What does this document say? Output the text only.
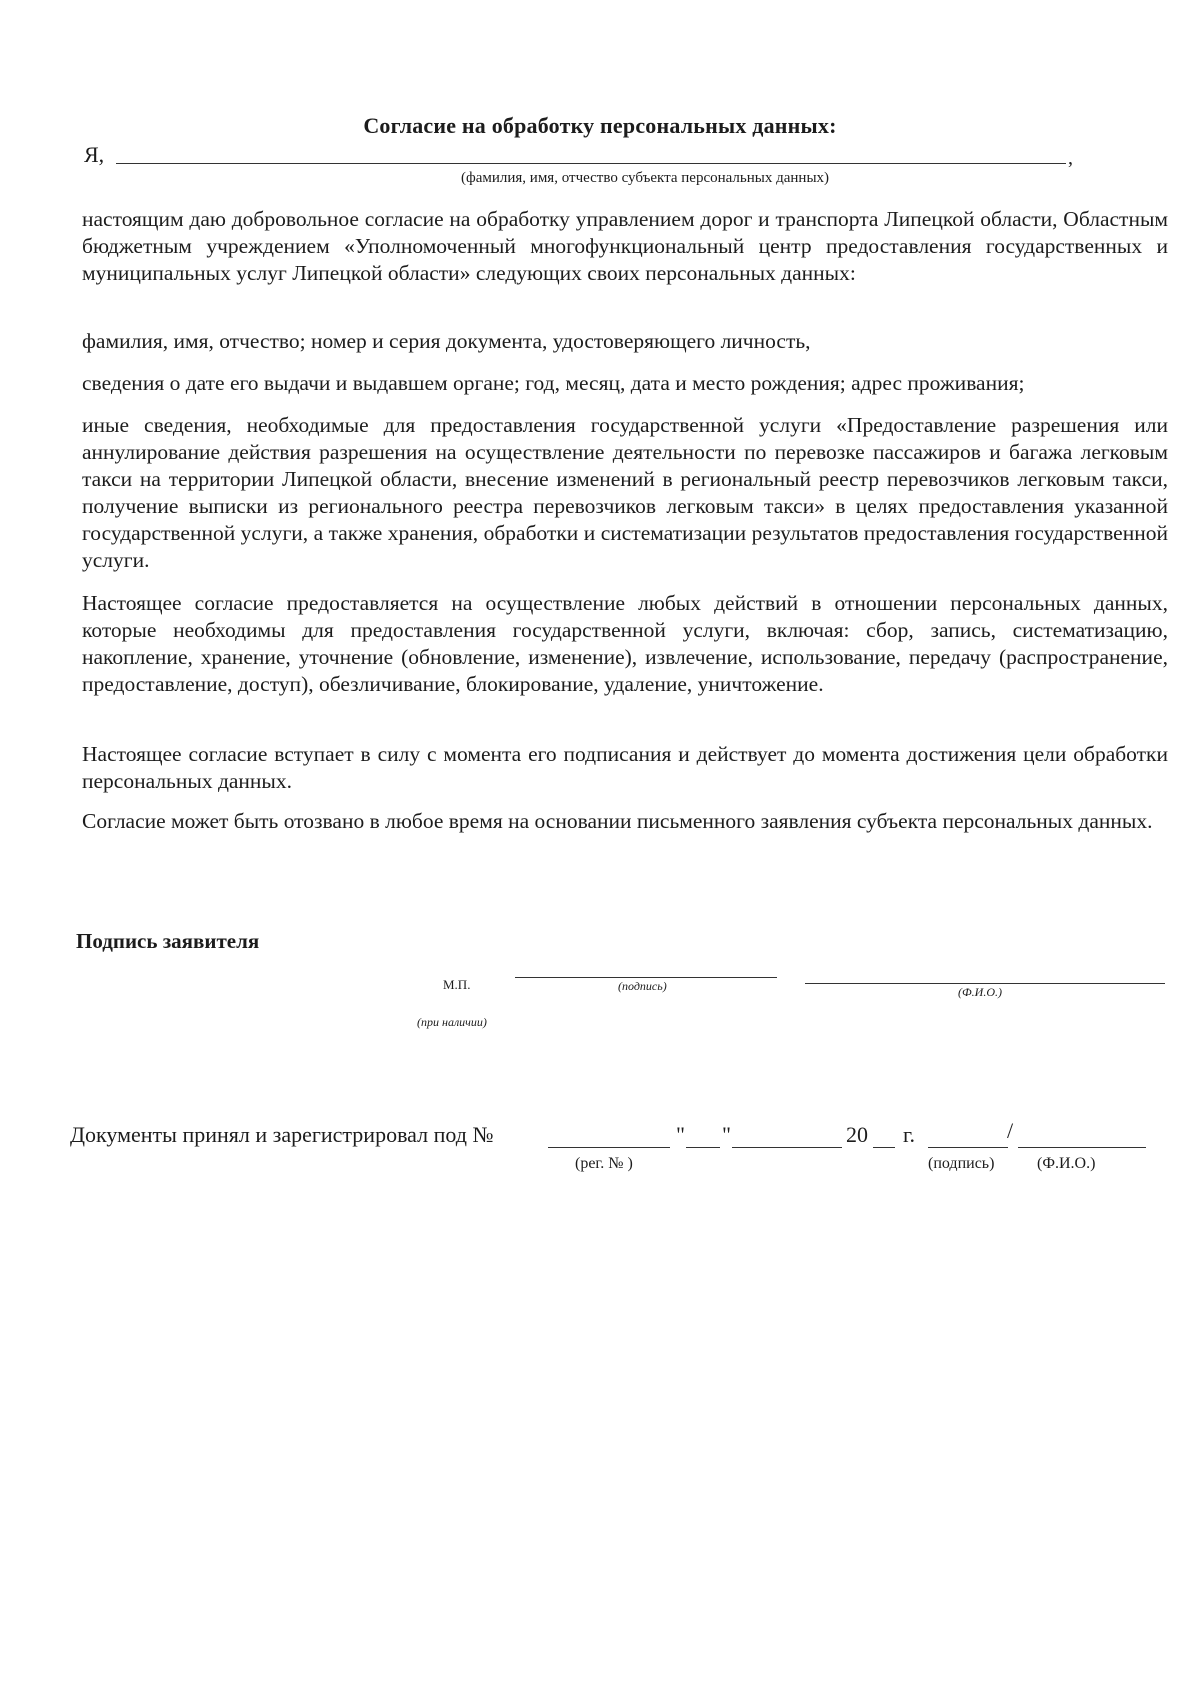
Согласие на обработку персональных данных:
Я,	,
(фамилия, имя, отчество субъекта персональных данных)
настоящим даю добровольное согласие на обработку управлением дорог и транспорта Липецкой области, Областным бюджетным учреждением «Уполномоченный многофункциональный центр предоставления государственных и муниципальных услуг Липецкой области» следующих своих персональных данных:
фамилия, имя, отчество; номер и серия документа, удостоверяющего личность,
сведения о дате его выдачи и выдавшем органе; год, месяц, дата и место рождения; адрес проживания;
иные сведения, необходимые для предоставления государственной услуги «Предоставление разрешения или аннулирование действия разрешения на осуществление деятельности по перевозке пассажиров и багажа легковым такси на территории Липецкой области, внесение изменений в региональный реестр перевозчиков легковым такси, получение выписки из регионального реестра перевозчиков легковым такси» в целях предоставления указанной государственной услуги, а также хранения, обработки и систематизации результатов предоставления государственной услуги.
Настоящее согласие предоставляется на осуществление любых действий в отношении персональных данных, которые необходимы для предоставления государственной услуги, включая: сбор, запись, систематизацию, накопление, хранение, уточнение (обновление, изменение), извлечение, использование, передачу (распространение, предоставление, доступ), обезличивание, блокирование, удаление, уничтожение.
Настоящее согласие вступает в силу с момента его подписания и действует до момента достижения цели обработки персональных данных.
Согласие может быть отозвано в любое время на основании письменного заявления субъекта персональных данных.
Подпись заявителя
М.П.
(при наличии)
(подпись)	(Ф.И.О.)
Документы принял и зарегистрировал под №	" "	20 г.	/
(рег. № )	(подпись)	(Ф.И.О.)
